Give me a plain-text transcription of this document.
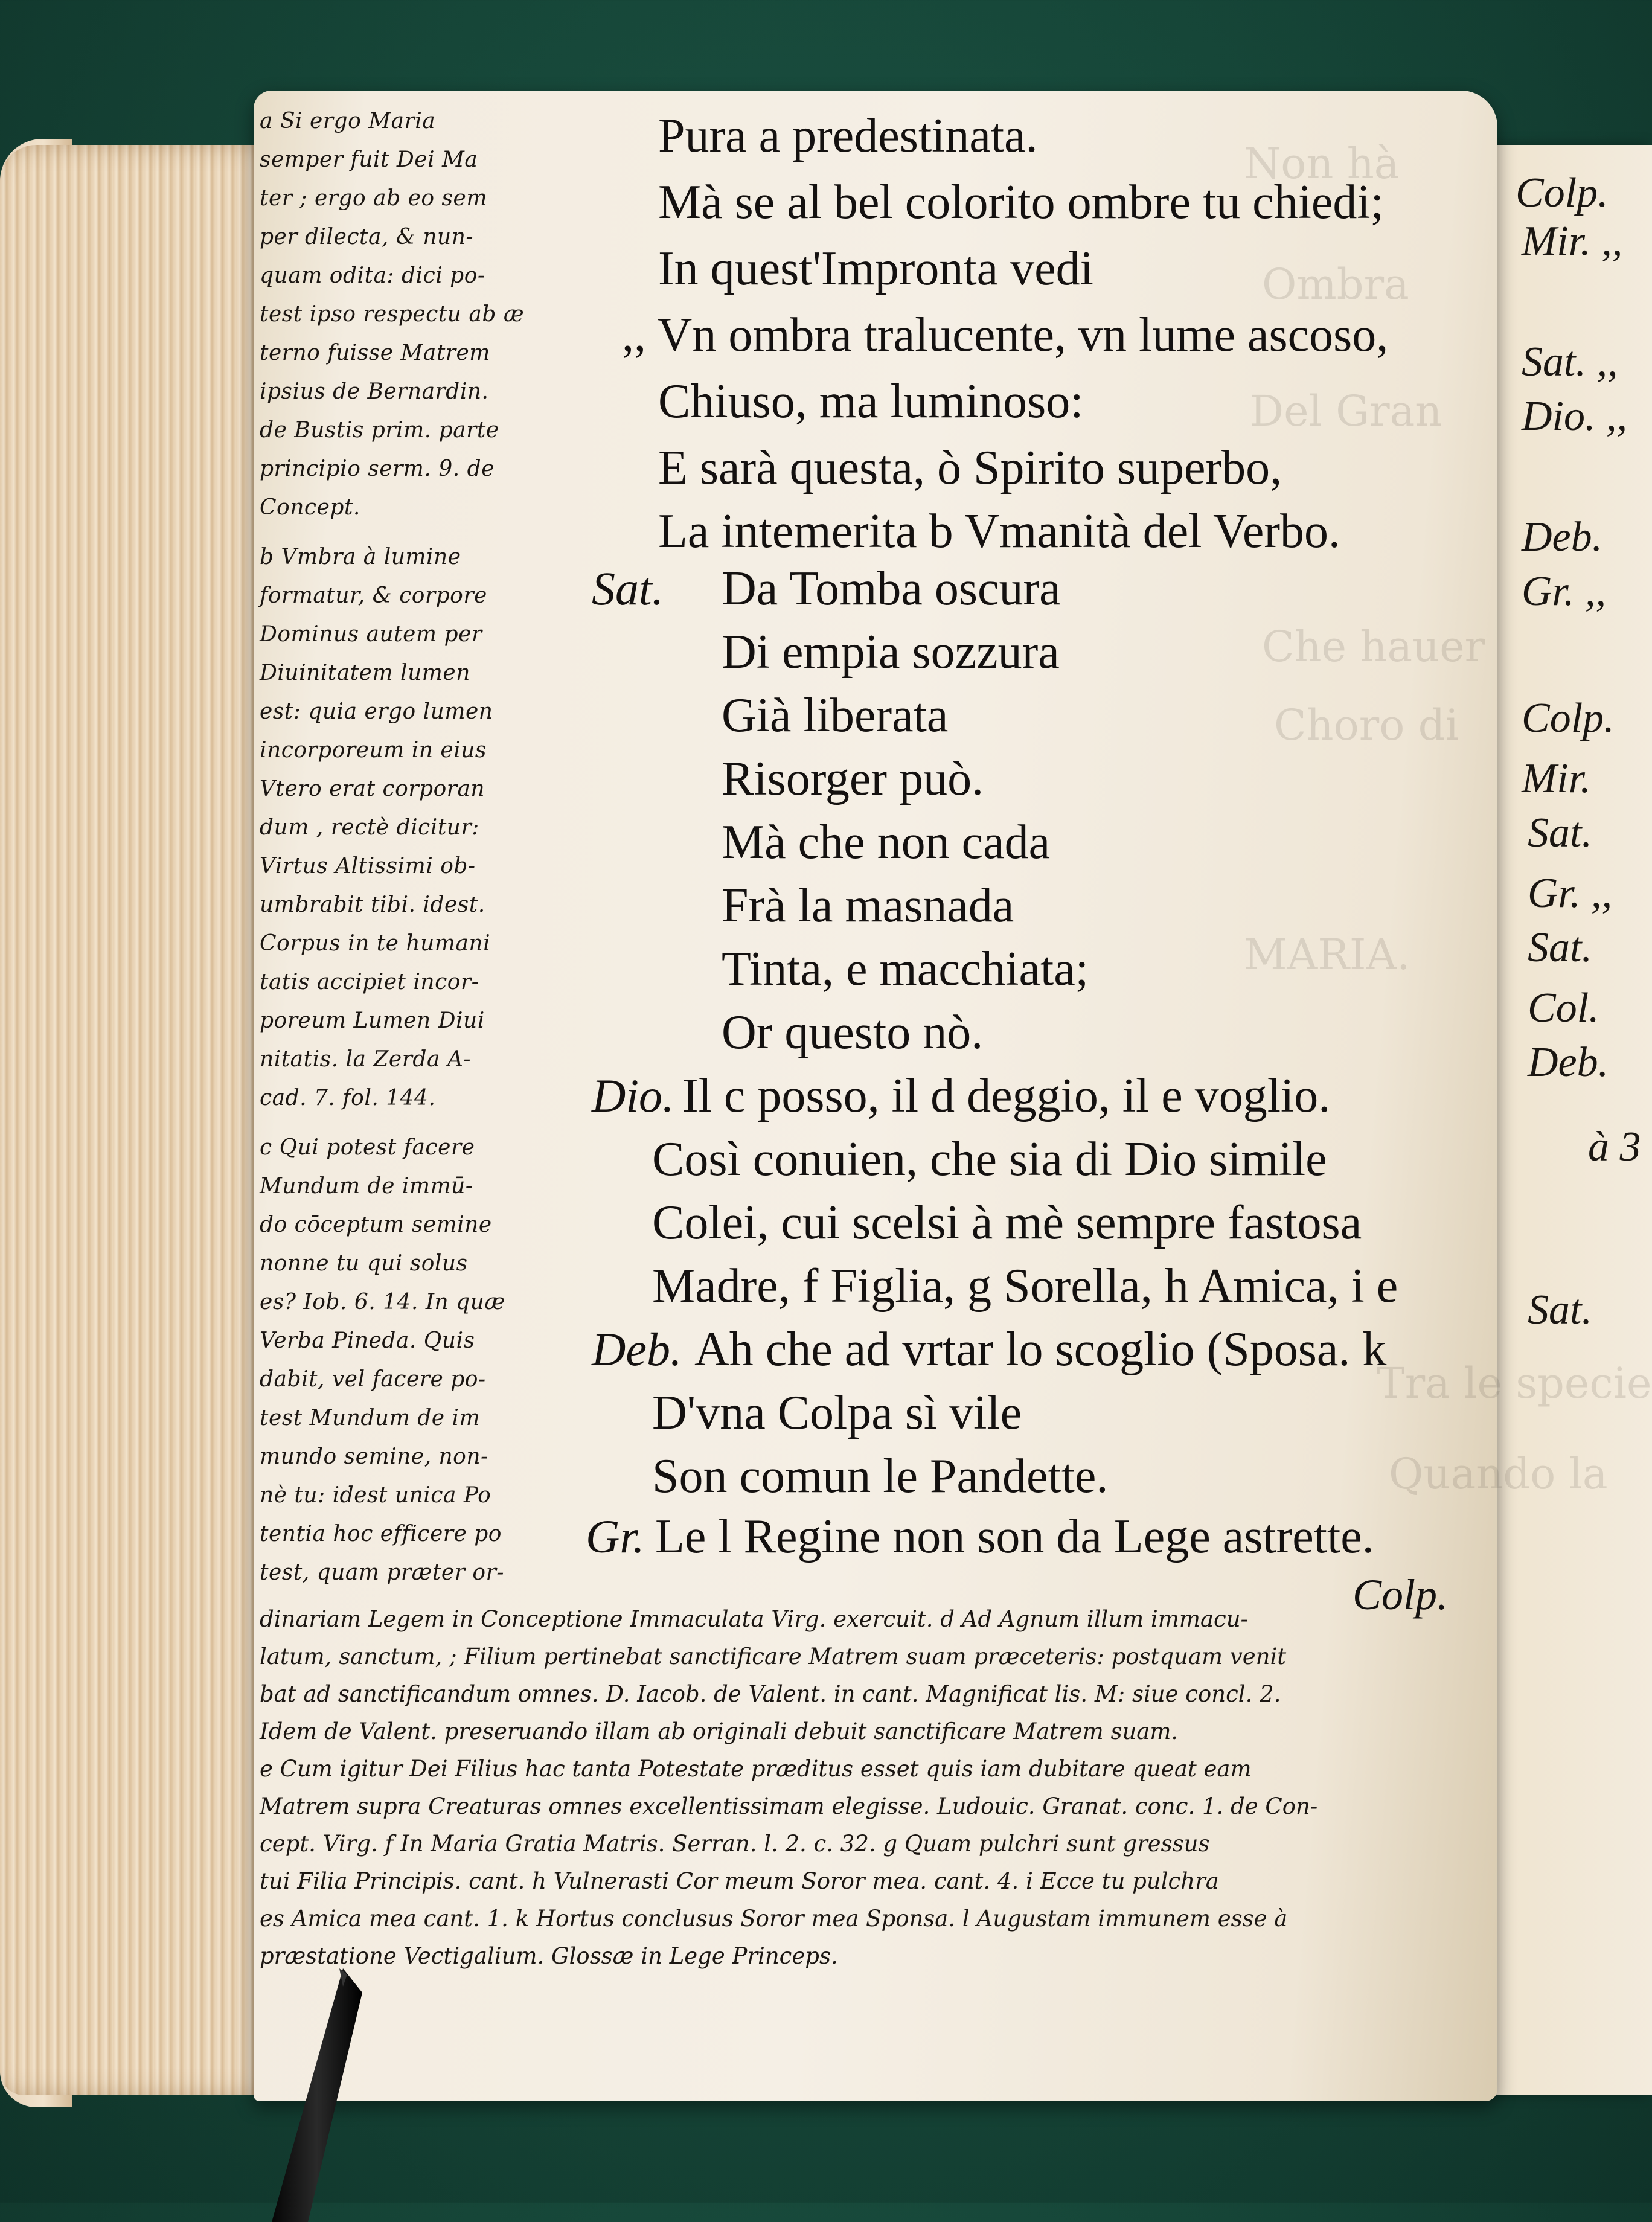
Colp.
Mir. ,,
Sat. ,,
Dio. ,,
Deb.
Gr. ,,
Colp.
Mir.
Sat.
Gr. ,,
Sat.
Col.
Deb.
à 3
Sat.
Non hà
Ombra
Del Gran
Che hauer
Choro di
MARIA.
Tra le specie
Quando la
a Si ergo Maria
semper fuit Dei Ma
ter ; ergo ab eo sem
per dilecta, & nun-
quam odita: dici po-
test ipso respectu ab æ
terno fuisse Matrem
ipsius de Bernardin.
de Bustis prim. parte
principio serm. 9. de
Concept.
b Vmbra à lumine
formatur, & corpore
Dominus autem per
Diuinitatem lumen
est: quia ergo lumen
incorporeum in eius
Vtero erat corporan
dum , rectè dicitur:
Virtus Altissimi ob-
umbrabit tibi. idest.
Corpus in te humani
tatis accipiet incor-
poreum Lumen Diui
nitatis. la Zerda A-
cad. 7. fol. 144.
c Qui potest facere
Mundum de immū-
do cōceptum semine
nonne tu qui solus
es? Iob. 6. 14. In quæ
Verba Pineda. Quis
dabit, vel facere po-
test Mundum de im
mundo semine, non-
nè tu: idest unica Po
tentia hoc efficere po
test, quam præter or-
Pura a predestinata.
Mà se al bel colorito ombre tu chiedi;
In quest'Impronta vedi
,, Vn ombra tralucente, vn lume ascoso,
Chiuso, ma luminoso:
E sarà questa, ò Spirito superbo,
La intemerita b Vmanità del Verbo.
Sat. Da Tomba oscura
Di empia sozzura
Già liberata
Risorger può.
Mà che non cada
Frà la masnada
Tinta, e macchiata;
Or questo nò.
Dio. Il c posso, il d deggio, il e voglio.
Così conuien, che sia di Dio simile
Colei, cui scelsi à mè sempre fastosa
Madre, f Figlia, g Sorella, h Amica, i e
Deb. Ah che ad vrtar lo scoglio (Sposa. k
D'vna Colpa sì vile
Son comun le Pandette.
Gr. Le l Regine non son da Lege astrette.
Colp.
dinariam Legem in Conceptione Immaculata Virg. exercuit. d Ad Agnum illum immacu-
latum, sanctum, ; Filium pertinebat sanctificare Matrem suam præceteris: postquam venit
bat ad sanctificandum omnes. D. Iacob. de Valent. in cant. Magnificat lis. M: siue concl. 2.
Idem de Valent. preseruando illam ab originali debuit sanctificare Matrem suam.
e Cum igitur Dei Filius hac tanta Potestate præditus esset quis iam dubitare queat eam
Matrem supra Creaturas omnes excellentissimam elegisse. Ludouic. Granat. conc. 1. de Con-
cept. Virg. f In Maria Gratia Matris. Serran. l. 2. c. 32. g Quam pulchri sunt gressus
tui Filia Principis. cant. h Vulnerasti Cor meum Soror mea. cant. 4. i Ecce tu pulchra
es Amica mea cant. 1. k Hortus conclusus Soror mea Sponsa. l Augustam immunem esse à
præstatione Vectigalium. Glossæ in Lege Princeps.
